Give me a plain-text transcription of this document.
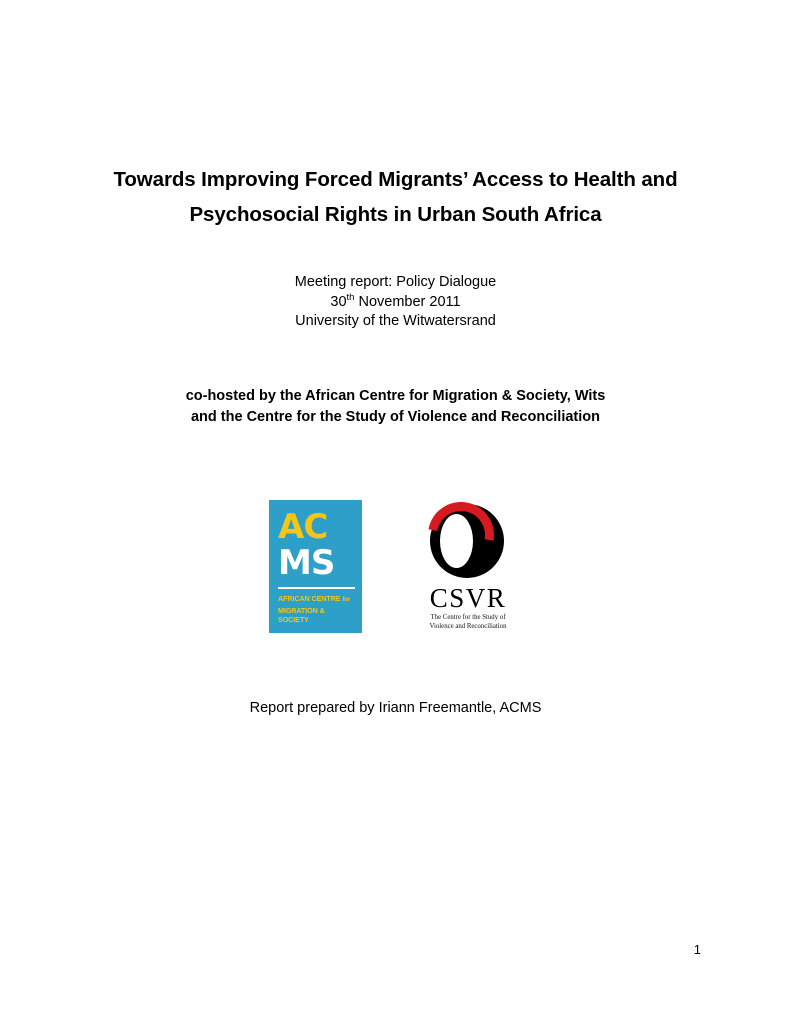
Towards Improving Forced Migrants’ Access to Health and
Psychosocial Rights in Urban South Africa
Meeting report: Policy Dialogue
30th November 2011
University of the Witwatersrand
co-hosted by the African Centre for Migration & Society, Wits
and the Centre for the Study of Violence and Reconciliation
AC
MS
AFRICAN CENTRE for
MIGRATION & SOCIETY
CSVR
The Centre for the Study of
Violence and Reconciliation
Report prepared by Iriann Freemantle, ACMS
1
